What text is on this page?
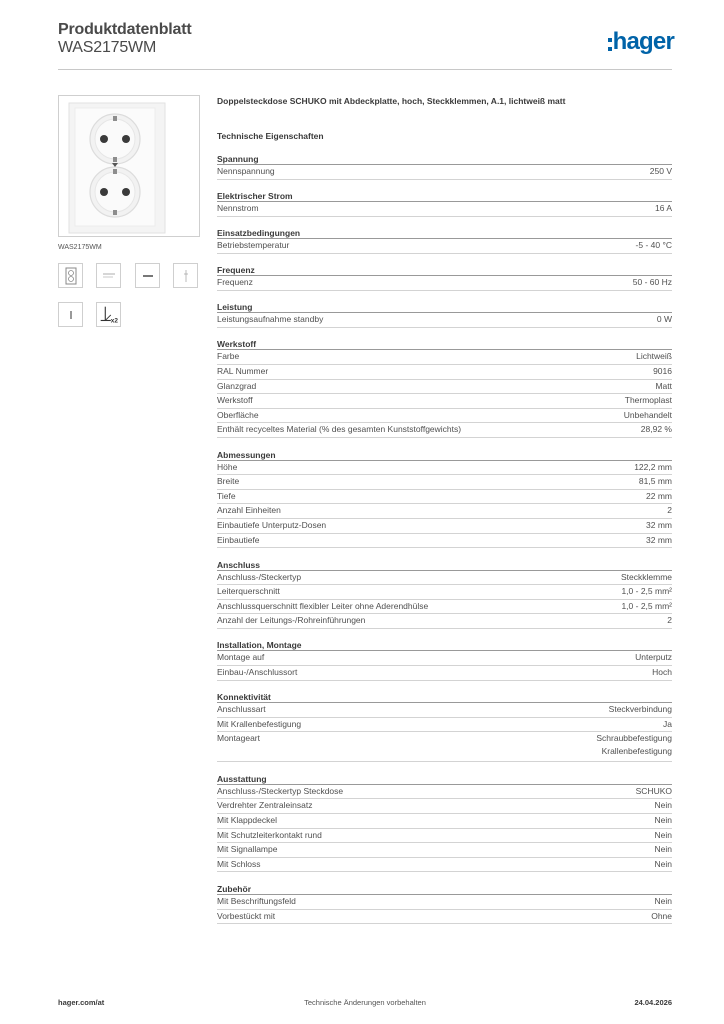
Produktdatenblatt
WAS2175WM	hager
WAS2175WM
x2
Doppelsteckdose SCHUKO mit Abdeckplatte, hoch, Steckklemmen, A.1, lichtweiß matt
Technische Eigenschaften
Spannung
Nennspannung	250 V
Elektrischer Strom
Nennstrom	16 A
Einsatzbedingungen
Betriebstemperatur	-5 - 40 °C
Frequenz
Frequenz	50 - 60 Hz
Leistung
Leistungsaufnahme standby	0 W
Werkstoff
Farbe	Lichtweiß
RAL Nummer	9016
Glanzgrad	Matt
Werkstoff	Thermoplast
Oberfläche	Unbehandelt
Enthält recyceltes Material (% des gesamten Kunststoffgewichts)	28,92 %
Abmessungen
Höhe	122,2 mm
Breite	81,5 mm
Tiefe	22 mm
Anzahl Einheiten	2
Einbautiefe Unterputz-Dosen	32 mm
Einbautiefe	32 mm
Anschluss
Anschluss-/Steckertyp	Steckklemme
Leiterquerschnitt	1,0 - 2,5 mm²
Anschlussquerschnitt flexibler Leiter ohne Aderendhülse	1,0 - 2,5 mm²
Anzahl der Leitungs-/Rohreinführungen	2
Installation, Montage
Montage auf	Unterputz
Einbau-/Anschlussort	Hoch
Konnektivität
Anschlussart	Steckverbindung
Mit Krallenbefestigung	Ja
Montageart	Schraubbefestigung
Krallenbefestigung
Ausstattung
Anschluss-/Steckertyp Steckdose	SCHUKO
Verdrehter Zentraleinsatz	Nein
Mit Klappdeckel	Nein
Mit Schutzleiterkontakt rund	Nein
Mit Signallampe	Nein
Mit Schloss	Nein
Zubehör
Mit Beschriftungsfeld	Nein
Vorbestückt mit	Ohne
Technische Änderungen vorbehalten
hager.com/at	24.04.2026
